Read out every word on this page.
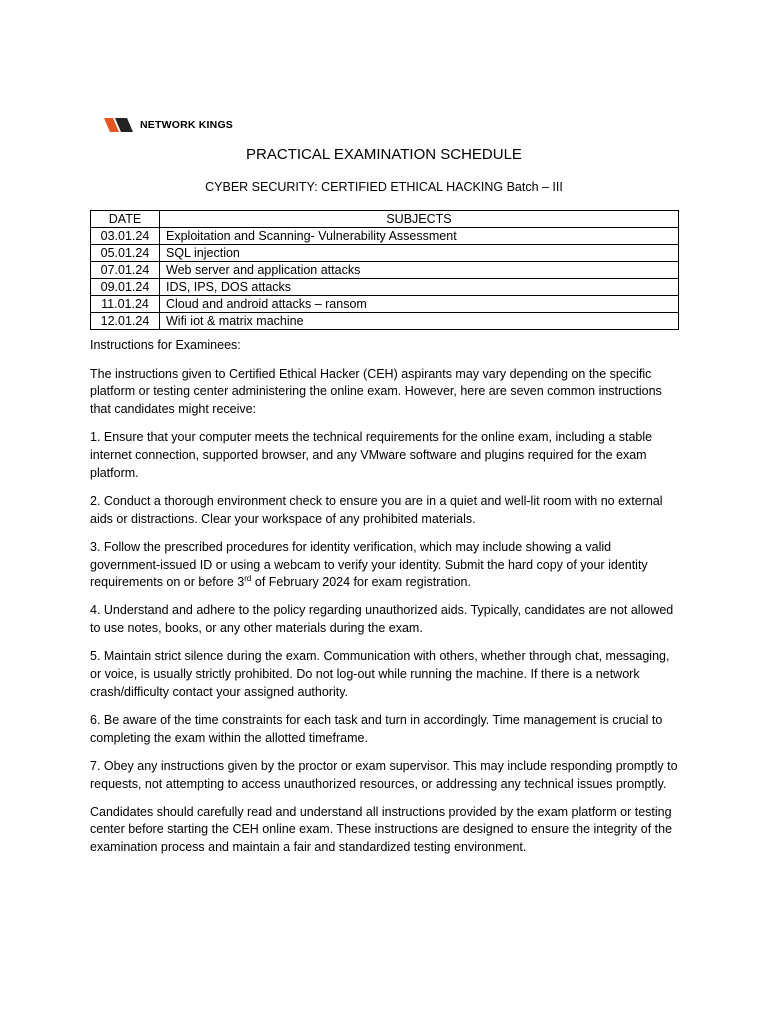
NETWORK KINGS
PRACTICAL EXAMINATION SCHEDULE
CYBER SECURITY: CERTIFIED ETHICAL HACKING Batch – III
DATE	SUBJECTS
03.01.24	Exploitation and Scanning- Vulnerability Assessment
05.01.24	SQL injection
07.01.24	Web server and application attacks
09.01.24	IDS, IPS, DOS attacks
11.01.24	Cloud and android attacks – ransom
12.01.24	Wifi iot & matrix machine

Instructions for Examinees:

The instructions given to Certified Ethical Hacker (CEH) aspirants may vary depending on the specific platform or testing center administering the online exam. However, here are seven common instructions that candidates might receive:

1. Ensure that your computer meets the technical requirements for the online exam, including a stable internet connection, supported browser, and any VMware software and plugins required for the exam platform.

2. Conduct a thorough environment check to ensure you are in a quiet and well-lit room with no external aids or distractions. Clear your workspace of any prohibited materials.

3. Follow the prescribed procedures for identity verification, which may include showing a valid government-issued ID or using a webcam to verify your identity. Submit the hard copy of your identity requirements on or before 3rd of February 2024 for exam registration.

4. Understand and adhere to the policy regarding unauthorized aids. Typically, candidates are not allowed to use notes, books, or any other materials during the exam.

5. Maintain strict silence during the exam. Communication with others, whether through chat, messaging, or voice, is usually strictly prohibited. Do not log-out while running the machine. If there is a network crash/difficulty contact your assigned authority.

6. Be aware of the time constraints for each task and turn in accordingly. Time management is crucial to completing the exam within the allotted timeframe.

7. Obey any instructions given by the proctor or exam supervisor. This may include responding promptly to requests, not attempting to access unauthorized resources, or addressing any technical issues promptly.

Candidates should carefully read and understand all instructions provided by the exam platform or testing center before starting the CEH online exam. These instructions are designed to ensure the integrity of the examination process and maintain a fair and standardized testing environment.
